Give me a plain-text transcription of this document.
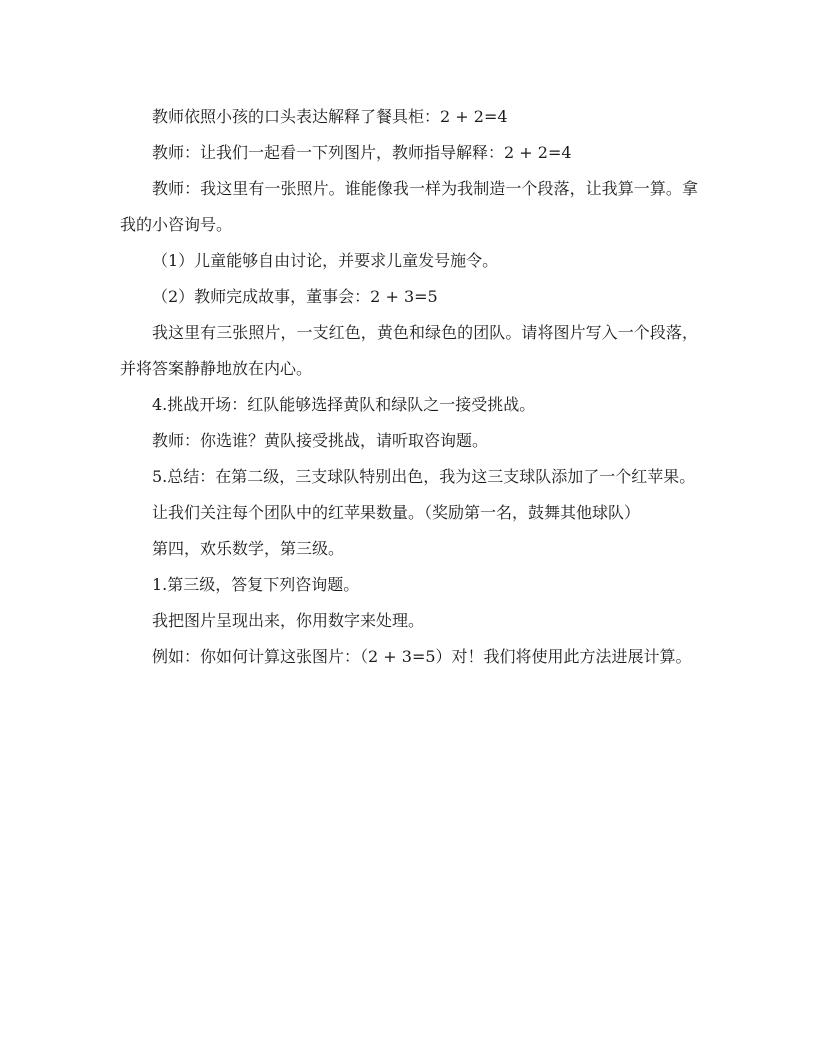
教师依照小孩的口头表达解释了餐具柜：2 + 2=4

教师：让我们一起看一下列图片，教师指导解释：2 + 2=4

教师：我这里有一张照片。谁能像我一样为我制造一个段落，让我算一算。拿我的小咨询号。

（1）儿童能够自由讨论，并要求儿童发号施令。

（2）教师完成故事，董事会：2 + 3=5

我这里有三张照片，一支红色，黄色和绿色的团队。请将图片写入一个段落，并将答案静静地放在内心。

4.挑战开场：红队能够选择黄队和绿队之一接受挑战。

教师：你选谁？黄队接受挑战，请听取咨询题。

5.总结：在第二级，三支球队特别出色，我为这三支球队添加了一个红苹果。

让我们关注每个团队中的红苹果数量。（奖励第一名，鼓舞其他球队）

第四，欢乐数学，第三级。

1.第三级，答复下列咨询题。

我把图片呈现出来，你用数字来处理。

例如：你如何计算这张图片：（2 + 3=5）对！我们将使用此方法进展计算。
